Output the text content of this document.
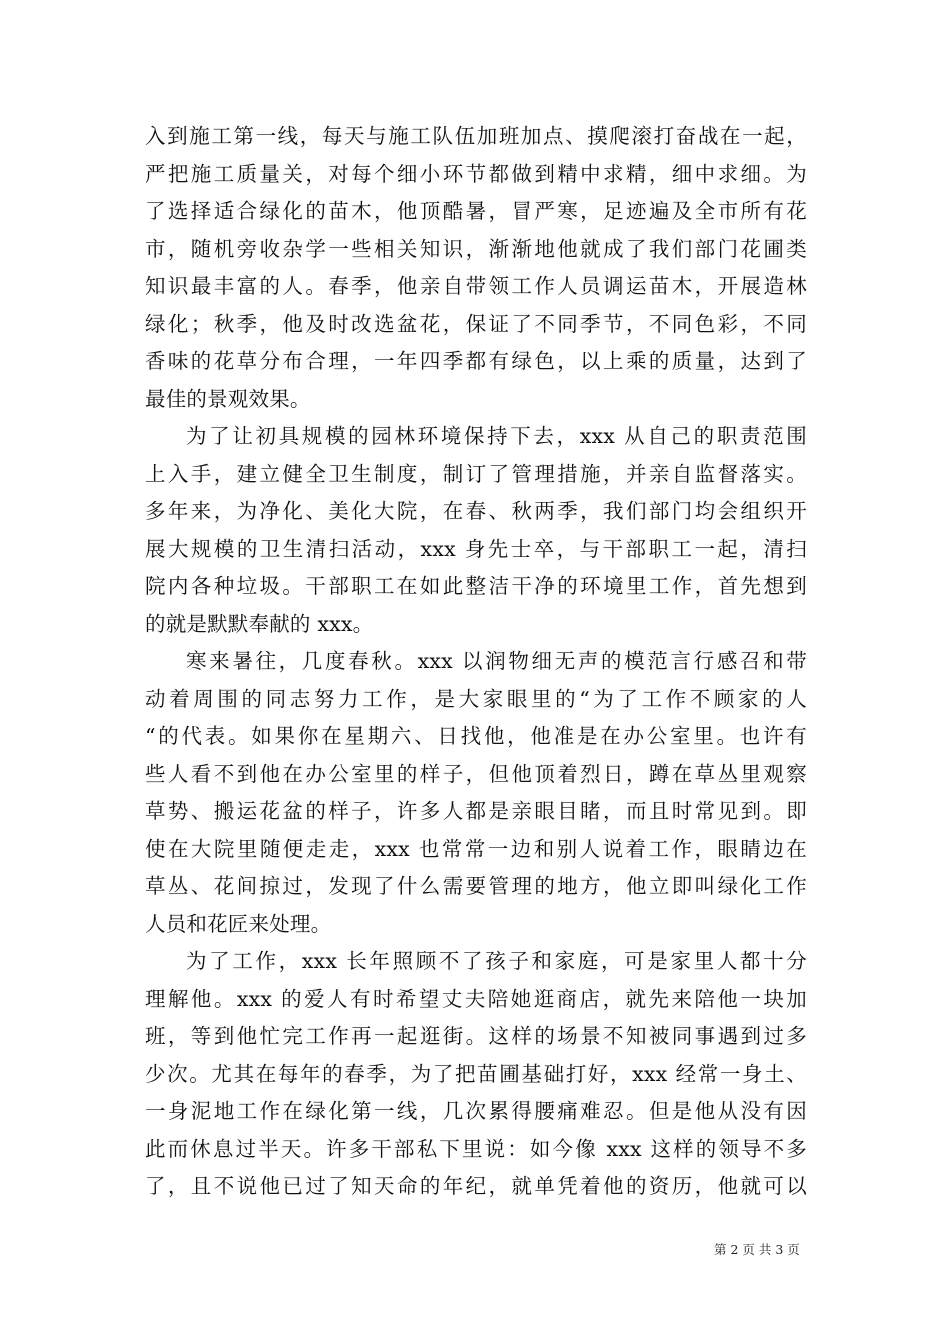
入到施工第一线，每天与施工队伍加班加点、摸爬滚打奋战在一起，
严把施工质量关，对每个细小环节都做到精中求精，细中求细。为
了选择适合绿化的苗木，他顶酷暑，冒严寒，足迹遍及全市所有花
市，随机旁收杂学一些相关知识，渐渐地他就成了我们部门花圃类
知识最丰富的人。春季，他亲自带领工作人员调运苗木，开展造林
绿化；秋季，他及时改选盆花，保证了不同季节，不同色彩，不同
香味的花草分布合理，一年四季都有绿色，以上乘的质量，达到了
最佳的景观效果。
为了让初具规模的园林环境保持下去，xxx 从自己的职责范围
上入手，建立健全卫生制度，制订了管理措施，并亲自监督落实。
多年来，为净化、美化大院，在春、秋两季，我们部门均会组织开
展大规模的卫生清扫活动，xxx 身先士卒，与干部职工一起，清扫
院内各种垃圾。干部职工在如此整洁干净的环境里工作，首先想到
的就是默默奉献的 xxx。
寒来暑往，几度春秋。xxx 以润物细无声的模范言行感召和带
动着周围的同志努力工作，是大家眼里的“为了工作不顾家的人
“的代表。如果你在星期六、日找他，他准是在办公室里。也许有
些人看不到他在办公室里的样子，但他顶着烈日，蹲在草丛里观察
草势、搬运花盆的样子，许多人都是亲眼目睹，而且时常见到。即
使在大院里随便走走，xxx 也常常一边和别人说着工作，眼睛边在
草丛、花间掠过，发现了什么需要管理的地方，他立即叫绿化工作
人员和花匠来处理。
为了工作，xxx 长年照顾不了孩子和家庭，可是家里人都十分
理解他。xxx 的爱人有时希望丈夫陪她逛商店，就先来陪他一块加
班，等到他忙完工作再一起逛街。这样的场景不知被同事遇到过多
少次。尤其在每年的春季，为了把苗圃基础打好，xxx 经常一身土、
一身泥地工作在绿化第一线，几次累得腰痛难忍。但是他从没有因
此而休息过半天。许多干部私下里说：如今像 xxx 这样的领导不多
了，且不说他已过了知天命的年纪，就单凭着他的资历，他就可以
第 2 页 共 3 页
